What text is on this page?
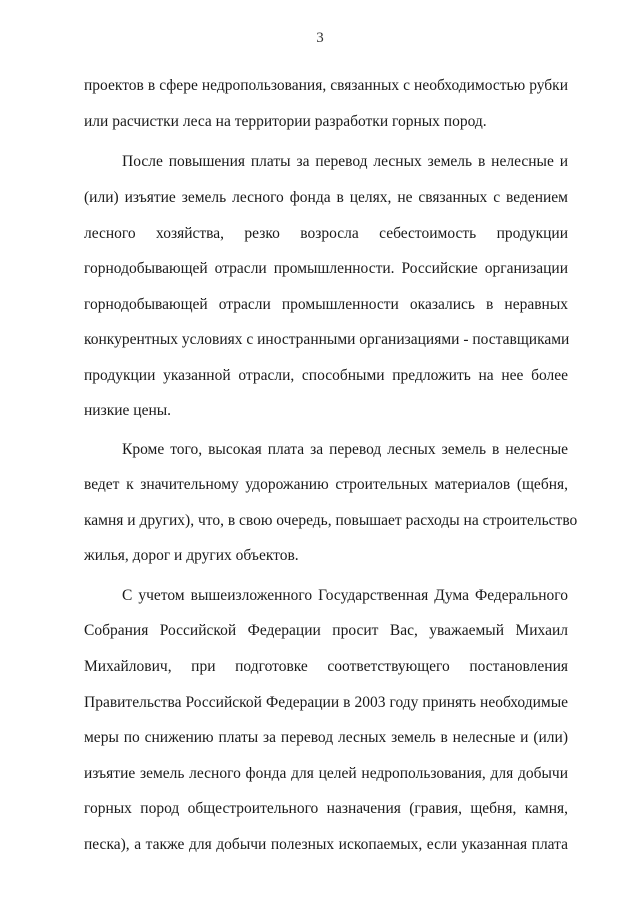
3
проектов в сфере недропользования, связанных с необходимостью рубки
или расчистки леса на территории разработки горных пород.
После повышения платы за перевод лесных земель в нелесные и
(или) изъятие земель лесного фонда в целях, не связанных с ведением
лесного хозяйства, резко возросла себестоимость продукции
горнодобывающей отрасли промышленности. Российские организации
горнодобывающей отрасли промышленности оказались в неравных
конкурентных условиях с иностранными организациями - поставщиками
продукции указанной отрасли, способными предложить на нее более
низкие цены.
Кроме того, высокая плата за перевод лесных земель в нелесные
ведет к значительному удорожанию строительных материалов (щебня,
камня и других), что, в свою очередь, повышает расходы на строительство
жилья, дорог и других объектов.
С учетом вышеизложенного Государственная Дума Федерального
Собрания Российской Федерации просит Вас, уважаемый Михаил
Михайлович, при подготовке соответствующего постановления
Правительства Российской Федерации в 2003 году принять необходимые
меры по снижению платы за перевод лесных земель в нелесные и (или)
изъятие земель лесного фонда для целей недропользования, для добычи
горных пород общестроительного назначения (гравия, щебня, камня,
песка), а также для добычи полезных ископаемых, если указанная плата
